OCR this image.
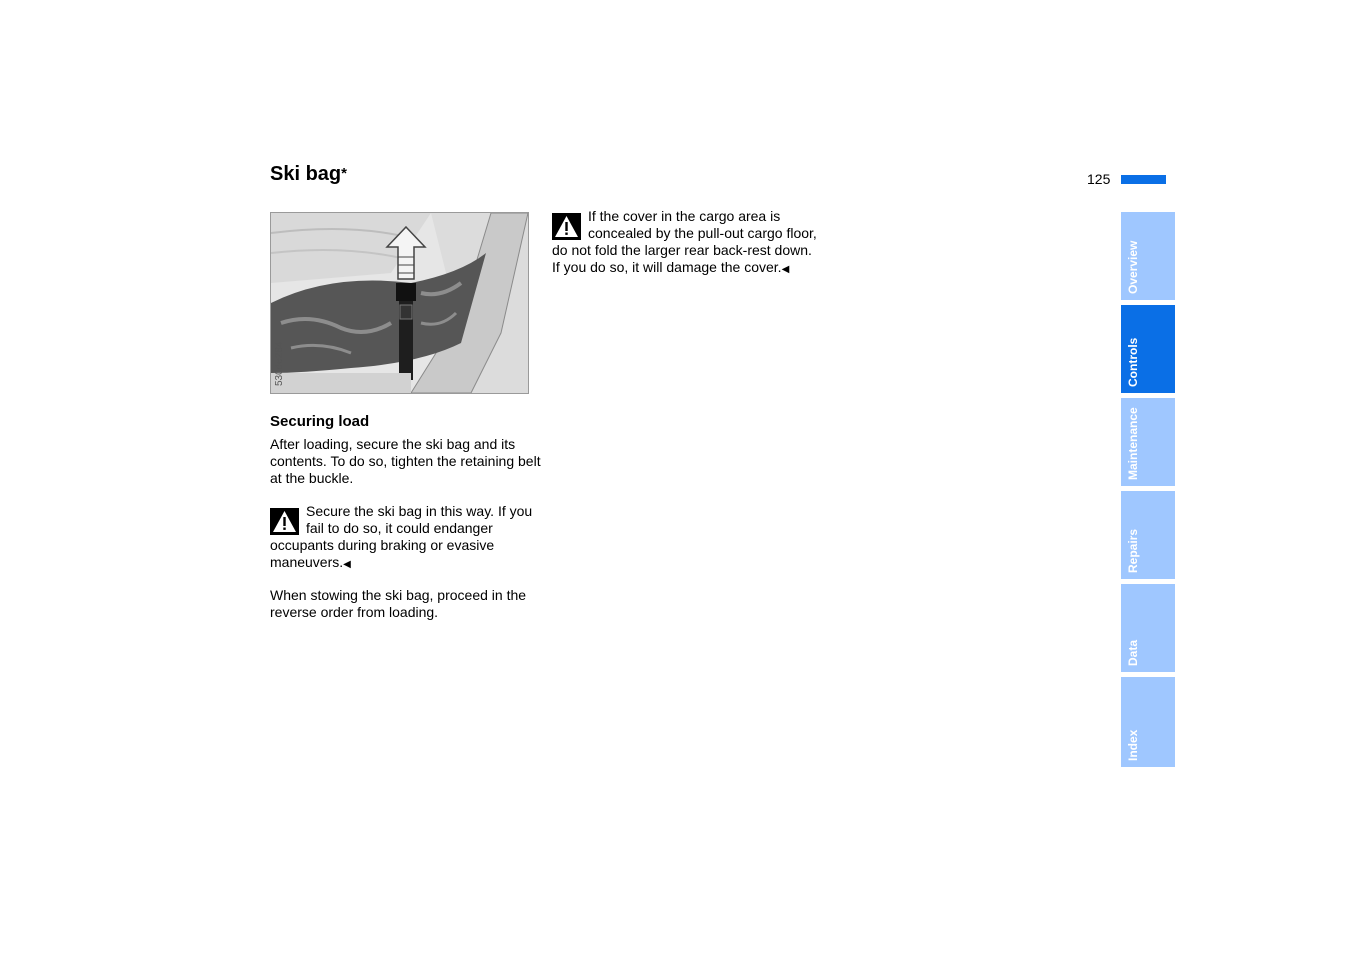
Ski bag*	125
530de284
Securing load
After loading, secure the ski bag and its contents. To do so, tighten the retaining belt at the buckle.
Secure the ski bag in this way. If you fail to do so, it could endanger occupants during braking or evasive maneuvers.◀
When stowing the ski bag, proceed in the reverse order from loading.
If the cover in the cargo area is concealed by the pull-out cargo floor, do not fold the larger rear back-rest down. If you do so, it will damage the cover.◀	Overview
Controls
Maintenance
Repairs
Data
Index
